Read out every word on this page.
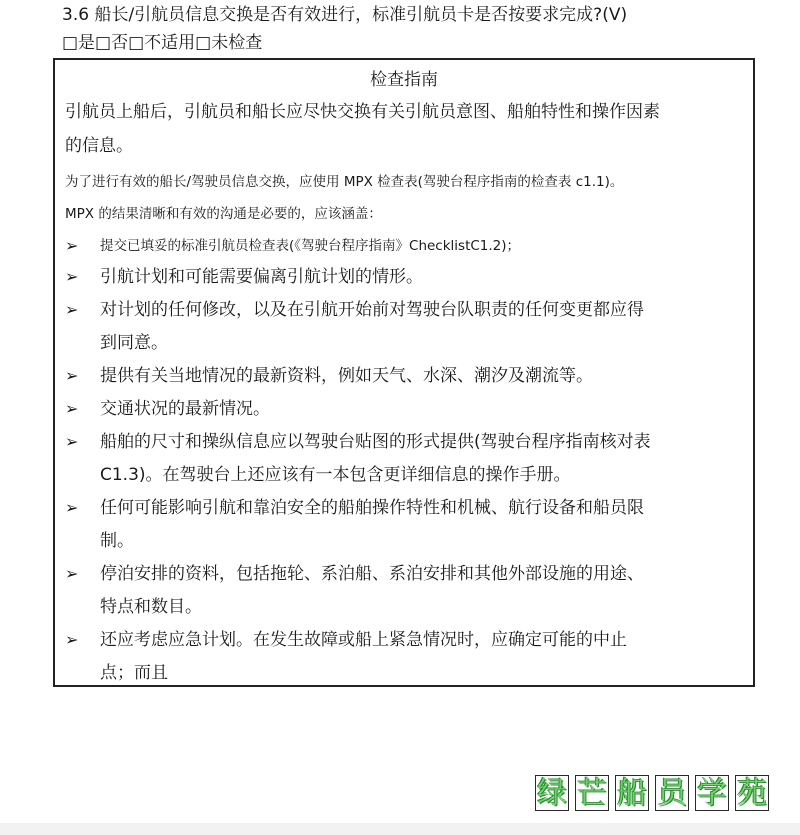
3.6 船长/引航员信息交换是否有效进行，标准引航员卡是否按要求完成?(V)
□是□否□不适用□未检查
检查指南
引航员上船后，引航员和船长应尽快交换有关引航员意图、船舶特性和操作因素
的信息。
为了进行有效的船长/驾驶员信息交换，应使用 MPX 检查表(驾驶台程序指南的检查表 c1.1)。
MPX 的结果清晰和有效的沟通是必要的，应该涵盖：
➢ 提交已填妥的标准引航员检查表(《驾驶台程序指南》ChecklistC1.2)；
➢ 引航计划和可能需要偏离引航计划的情形。
➢ 对计划的任何修改，以及在引航开始前对驾驶台队职责的任何变更都应得
到同意。
➢ 提供有关当地情况的最新资料，例如天气、水深、潮汐及潮流等。
➢ 交通状况的最新情况。
➢ 船舶的尺寸和操纵信息应以驾驶台贴图的形式提供(驾驶台程序指南核对表
C1.3)。在驾驶台上还应该有一本包含更详细信息的操作手册。
➢ 任何可能影响引航和靠泊安全的船舶操作特性和机械、航行设备和船员限
制。
➢ 停泊安排的资料，包括拖轮、系泊船、系泊安排和其他外部设施的用途、
特点和数目。
➢ 还应考虑应急计划。在发生故障或船上紧急情况时，应确定可能的中止
点；而且
绿 芒 船 员 学 苑
